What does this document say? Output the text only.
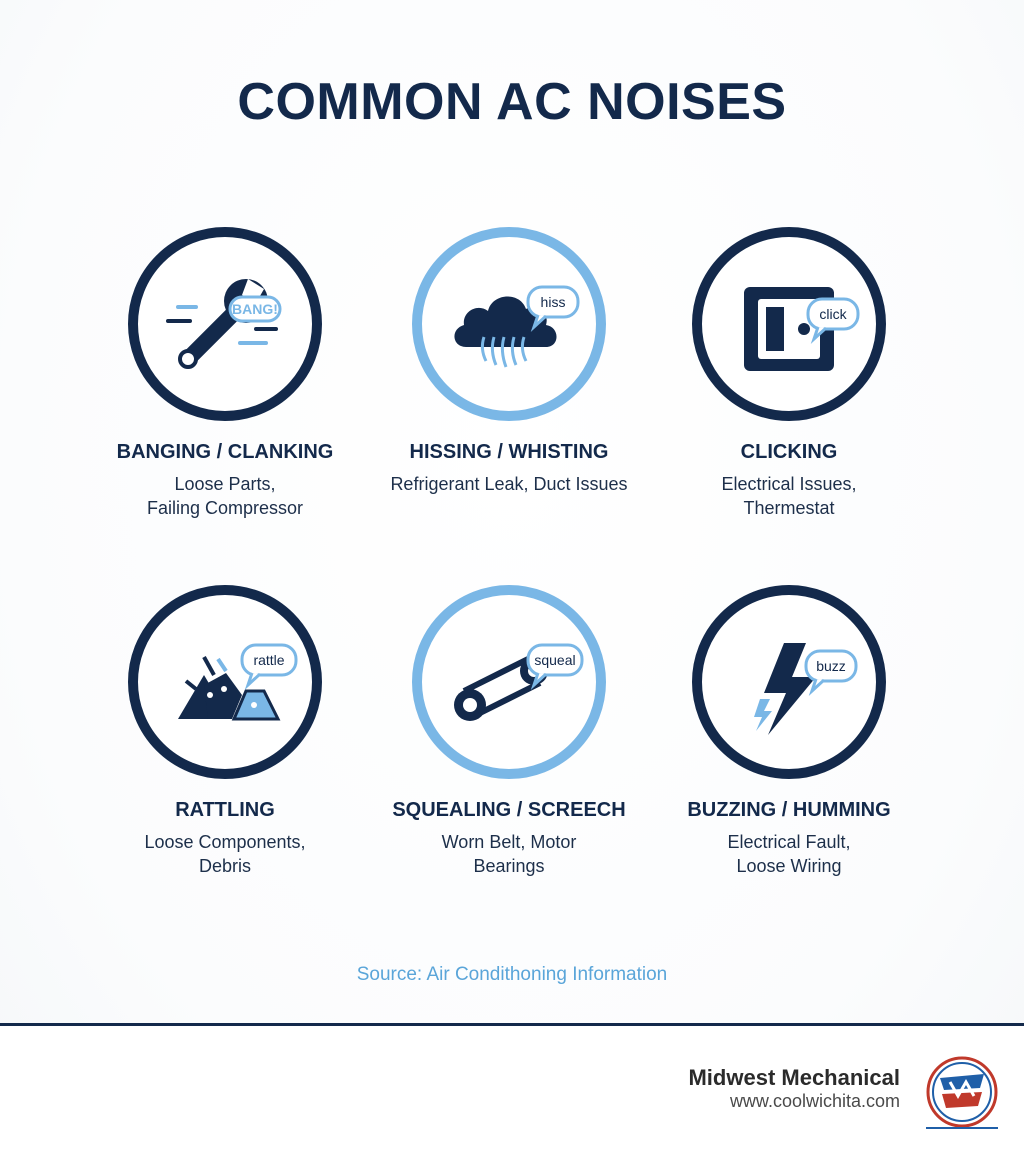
COMMON AC NOISES
BANG!
BANGING / CLANKING
Loose Parts,
Failing Compressor
hiss
HISSING / WHISTING
Refrigerant Leak, Duct Issues
click
CLICKING
Electrical Issues,
Thermestat
rattle
RATTLING
Loose Components,
Debris
squeal
SQUEALING / SCREECH
Worn Belt, Motor
Bearings
buzz
BUZZING / HUMMING
Electrical Fault,
Loose Wiring
Source: Air Condithoning Information
Midwest Mechanical
www.coolwichita.com
